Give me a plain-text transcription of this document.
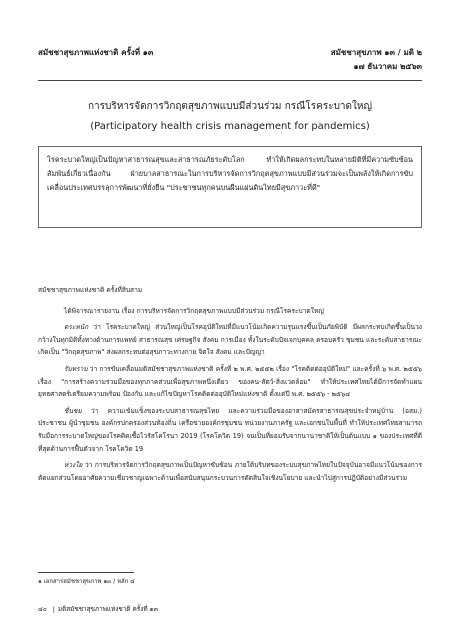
สมัชชาสุขภาพแห่งชาติ ครั้งที่ ๑๓	สมัชชาสุขภาพ ๑๓ / มติ ๒
๑๗ ธันวาคม ๒๕๖๓
การบริหารจัดการวิกฤตสุขภาพแบบมีส่วนร่วม กรณีโรคระบาดใหญ่
(Participatory health crisis management for pandemics)
โรคระบาดใหญ่เป็นปัญหาสาธารณสุขและสาธารณภัยระดับโลก ทำให้เกิดผลกระทบในหลายมิติที่มีความซับซ้อนสัมพันธ์เกี่ยวเนื่องกัน ฝ่ายบาลสาธารณะในการบริหารจัดการวิกฤตสุขภาพแบบมีส่วนร่วมจะเป็นพลังให้เกิดการขับเคลื่อนประเทศบรรลุการพัฒนาที่ยั่งยืน "ประชาชนทุกคนบนผืนแผ่นดินไทยมีสุขภาวะที่ดี"

สมัชชาสุขภาพแห่งชาติ ครั้งที่สิบสาม

ได้พิจารณารายงาน เรื่อง การบริหารจัดการวิกฤตสุขภาพแบบมีส่วนร่วม กรณีโรคระบาดใหญ่

ตระหนัก ว่า โรคระบาดใหญ่ ส่วนใหญ่เป็นโรคอุบัติใหม่ที่มีแนวโน้มเกิดความรุนแรงขึ้นเป็นภัยพิบัติ มีผลกระทบเกิดขึ้นเป็นวงกว้างในทุกมิติทั้งทางด้านการแพทย์ สาธารณสุข เศรษฐกิจ สังคม การเมือง ทั้งในระดับปัจเจกบุคคล ครอบครัว ชุมชน และระดับสาธารณะ เกิดเป็น "วิกฤตสุขภาพ" ส่งผลกระทบต่อสุขภาวะทางกาย จิตใจ สังคม และปัญญา

รับทราบ ว่า การขับเคลื่อนมติสมัชชาสุขภาพแห่งชาติ ครั้งที่ ๒ พ.ศ. ๒๕๕๒ เรื่อง "โรคติดต่ออุบัติใหม่" และครั้งที่ ๖ พ.ศ. ๒๕๕๖ เรื่อง "การสร้างความร่วมมือของทุกภาคส่วนเพื่อสุขภาพหนึ่งเดียว ของคน-สัตว์-สิ่งแวดล้อม" ทำให้ประเทศไทยได้มีการจัดทำแผนยุทธศาสตร์เตรียมความพร้อม ป้องกัน และแก้ไขปัญหาโรคติดต่ออุบัติใหม่แห่งชาติ ตั้งแต่ปี พ.ศ. ๒๕๕๖ - ๒๕๖๔

ชื่นชม ว่า ความเข้มแข็งของระบบสาธารณสุขไทย และความร่วมมือของอาสาสมัครสาธารณสุขประจำหมู่บ้าน (อสม.) ประชาชน ผู้นำชุมชน องค์กรปกครองส่วนท้องถิ่น เครือข่ายองค์กรชุมชน หน่วยงานภาครัฐ และเอกชนในพื้นที่ ทำให้ประเทศไทยสามารถรับมือการระบาดใหญ่ของโรคติดเชื้อไวรัสโคโรนา 2019 (โรคโควิด 19) จนเป็นที่ยอมรับจากนานาชาติให้เป็นต้นแบบ ๑ ของประเทศที่ดีที่สุดด้านการฟื้นตัวจาก โรคโควิด 19

ห่วงใย ว่า การบริหารจัดการวิกฤตสุขภาพเป็นปัญหาซับซ้อน ภายใต้บริบทของระบบสุขภาพไทยในปัจจุบันอาจมีแนวโน้มของการตัดแยกส่วนโดยอาศัยความเชี่ยวชาญเฉพาะด้านเพื่อสนับสนุนกระบวนการตัดสินใจเชิงนโยบาย และนำไปสู่การปฏิบัติอย่างมีส่วนร่วม

๑ เอกสารสมัชชาสุขภาพ ๑๓ / หลัก ๔
๔๐ | มติสมัชชาสุขภาพแห่งชาติ ครั้งที่ ๑๓
